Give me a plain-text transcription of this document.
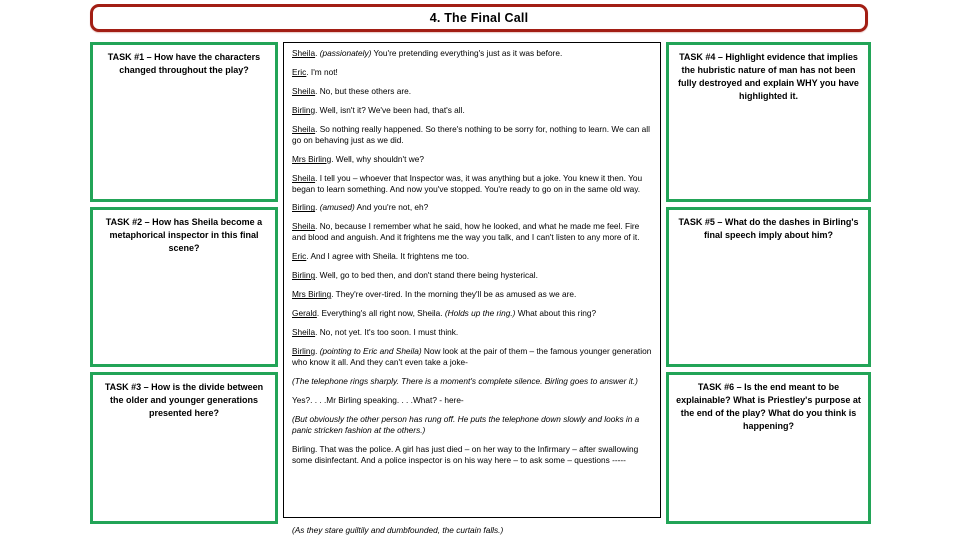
4. The Final Call
TASK #1 – How have the characters changed throughout the play?
TASK #2 – How has Sheila become a metaphorical inspector in this final scene?
TASK #3 – How is the divide between the older and younger generations presented here?

Sheila. (passionately) You're pretending everything's just as it was before.

Eric. I'm not!

Sheila. No, but these others are.

Birling. Well, isn't it? We've been had, that's all.

Sheila. So nothing really happened. So there's nothing to be sorry for, nothing to learn. We can all go on behaving just as we did.

Mrs Birling. Well, why shouldn't we?

Sheila. I tell you – whoever that Inspector was, it was anything but a joke. You knew it then. You began to learn something. And now you've stopped. You're ready to go on in the same old way.

Birling. (amused) And you're not, eh?

Sheila. No, because I remember what he said, how he looked, and what he made me feel. Fire and blood and anguish. And it frightens me the way you talk, and I can't listen to any more of it.

Eric. And I agree with Sheila. It frightens me too.

Birling. Well, go to bed then, and don't stand there being hysterical.

Mrs Birling. They're over-tired. In the morning they'll be as amused as we are.

Gerald. Everything's all right now, Sheila. (Holds up the ring.) What about this ring?

Sheila. No, not yet. It's too soon. I must think.

Birling. (pointing to Eric and Sheila) Now look at the pair of them – the famous younger generation who know it all. And they can't even take a joke-

(The telephone rings sharply. There is a moment's complete silence. Birling goes to answer it.)

Yes?. . . .Mr Birling speaking. . . .What? - here-

(But obviously the other person has rung off. He puts the telephone down slowly and looks in a panic stricken fashion at the others.)

Birling. That was the police. A girl has just died – on her way to the Infirmary – after swallowing some disinfectant. And a police inspector is on his way here – to ask some – questions -----

TASK #4 – Highlight evidence that implies the hubristic nature of man has not been fully destroyed and explain WHY you have highlighted it.
TASK #5 – What do the dashes in Birling's final speech imply about him?
TASK #6 – Is the end meant to be explainable? What is Priestley's purpose at the end of the play? What do you think is happening?
(As they stare guiltily and dumbfounded, the curtain falls.)
